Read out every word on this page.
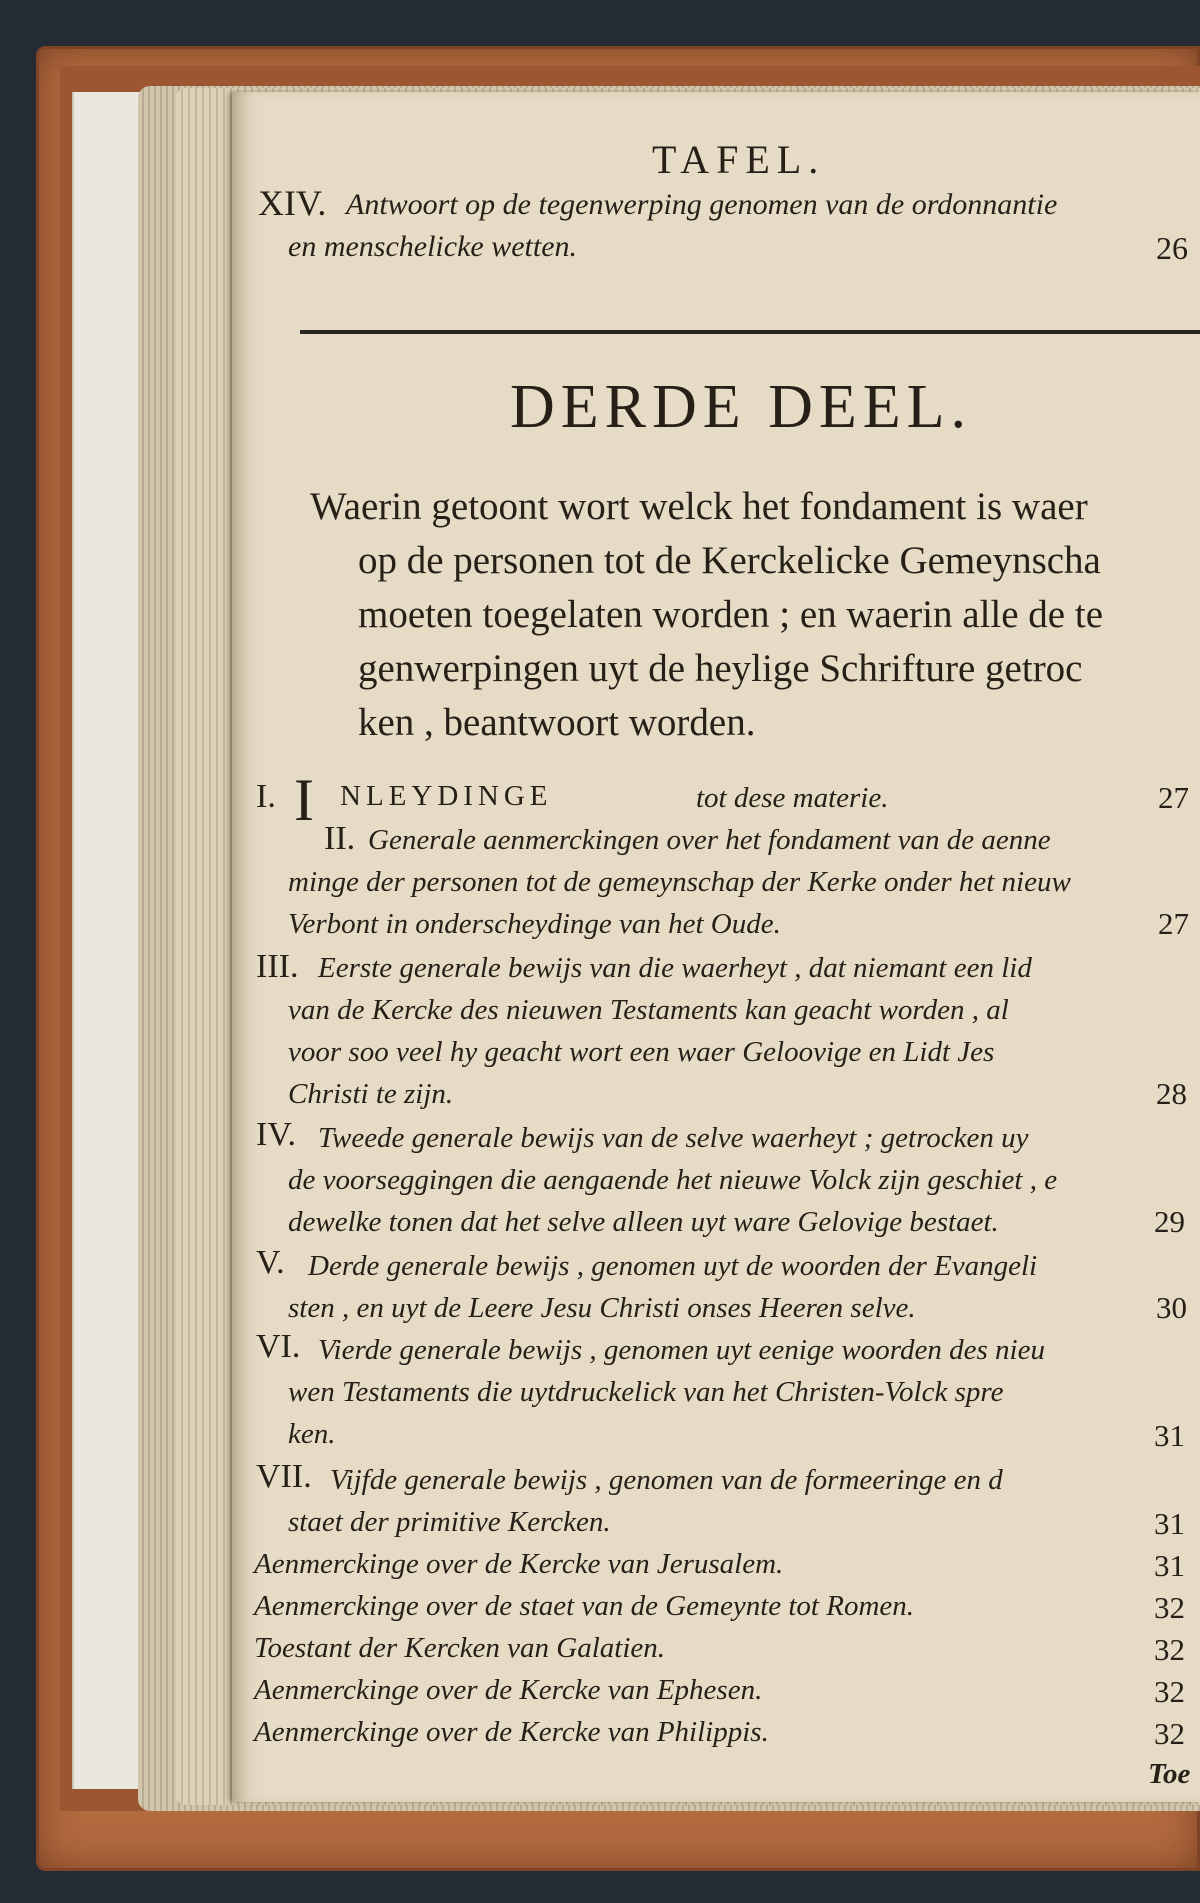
TAFEL.
XIV. Antwoort op de tegenwerping genomen van de ordonnantie
en menschelicke wetten.	26
DERDE DEEL.
Waerin getoont wort welck het fondament is waer
op de personen tot de Kerckelicke Gemeynscha
moeten toegelaten worden ; en waerin alle de te
genwerpingen uyt de heylige Schrifture getroc
ken , beantwoort worden.
I. I NLEYDINGE	tot dese materie.	27
II. Generale aenmerckingen over het fondament van de aenne
minge der personen tot de gemeynschap der Kerke onder het nieuw
Verbont in onderscheydinge van het Oude.	27
III. Eerste generale bewijs van die waerheyt , dat niemant een lid
van de Kercke des nieuwen Testaments kan geacht worden , al
voor soo veel hy geacht wort een waer Geloovige en Lidt Jes
Christi te zijn.	28
IV. Tweede generale bewijs van de selve waerheyt ; getrocken uy
de voorseggingen die aengaende het nieuwe Volck zijn geschiet , e
dewelke tonen dat het selve alleen uyt ware Gelovige bestaet.	29
V. Derde generale bewijs , genomen uyt de woorden der Evangeli
sten , en uyt de Leere Jesu Christi onses Heeren selve.	30
VI. Vierde generale bewijs , genomen uyt eenige woorden des nieu
wen Testaments die uytdruckelick van het Christen-Volck spre
ken.	31
VII. Vijfde generale bewijs , genomen van de formeeringe en d
staet der primitive Kercken.	31
Aenmerckinge over de Kercke van Jerusalem.	31
Aenmerckinge over de staet van de Gemeynte tot Romen.	32
Toestant der Kercken van Galatien.	32
Aenmerckinge over de Kercke van Ephesen.	32
Aenmerckinge over de Kercke van Philippis.	32
Toe
